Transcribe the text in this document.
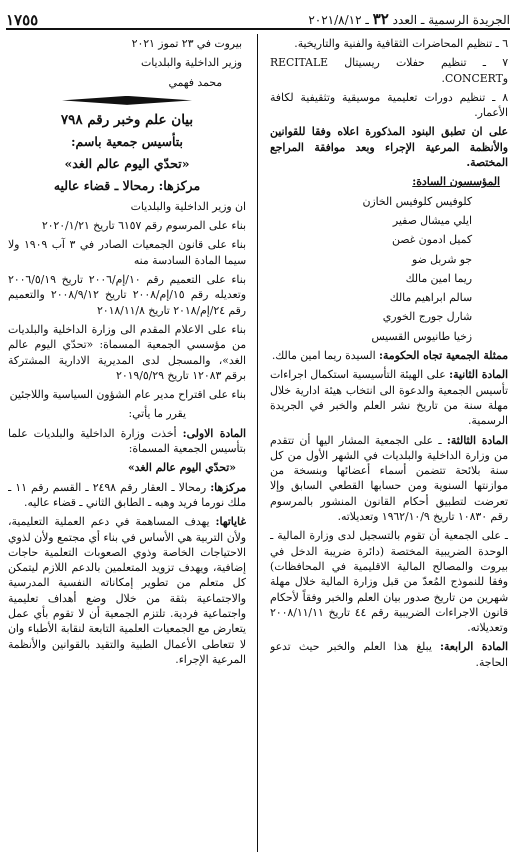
الجريدة الرسمية ـ العدد ٣٢ ـ ٢٠٢١/٨/١٢
١٧٥٥

٦ ـ تنظيم المحاضرات الثقافية والفنية والتاريخية.

٧ ـ تنظيم حفلات ريسيتال RECITALE وCONCERT.

٨ ـ تنظيم دورات تعليمية موسيقية وتثقيفية لكافة الأعمار.

على ان تطبق البنود المذكورة اعلاه وفقا للقوانين والأنظمة المرعية الإجراء وبعد موافقة المراجع المختصة.

المؤسسون السادة:

كلوفيس كلوفيس الخازن

ايلي ميشال صفير

كميل ادمون غصن

جو شربل ضو

ريما امين مالك

سالم ابراهيم مالك

شارل جورج الخوري

زخيا طانيوس القسيس

ممثلة الجمعية تجاه الحكومة: السيدة ريما امين مالك.

المادة الثانية: على الهيئة التأسيسية استكمال اجراءات تأسيس الجمعية والدعوة الى انتخاب هيئة ادارية خلال مهلة سنة من تاريخ نشر العلم والخبر في الجريدة الرسمية.

المادة الثالثة: ـ على الجمعية المشار اليها أن تتقدم من وزارة الداخلية والبلديات في الشهر الأول من كل سنة بلائحة تتضمن أسماء أعضائها وبنسخة من موازنتها السنوية ومن حسابها القطعي السابق وإلا تعرضت لتطبيق أحكام القانون المنشور بالمرسوم رقم ١٠٨٣٠ تاريخ ١٩٦٢/١٠/٩ وتعديلاته.

ـ على الجمعية أن تقوم بالتسجيل لدى وزارة المالية ـ الوحدة الضريبية المختصة (دائرة ضريبة الدخل في بيروت والمصالح المالية الاقليمية في المحافظات) وفقا للنموذج المُعدّ من قبل وزارة المالية خلال مهلة شهرين من تاريخ صدور بيان العلم والخبر وفقاً لأحكام قانون الاجراءات الضريبية رقم ٤٤ تاريخ ٢٠٠٨/١١/١١ وتعديلاته.

المادة الرابعة: يبلغ هذا العلم والخبر حيث تدعو الحاجة.

بيروت في ٢٣ تموز ٢٠٢١

وزير الداخلية والبلديات

محمد فهمي

بيان علم وخبر رقم ٧٩٨

بتأسيس جمعية باسم:

«تحدّي اليوم عالم الغد»

مركزها: رمحالا ـ قضاء عاليه

ان وزير الداخلية والبلديات

بناء على المرسوم رقم ٦١٥٧ تاريخ ٢٠٢٠/١/٢١

بناء على قانون الجمعيات الصادر في ٣ آب ١٩٠٩ ولا سيما المادة السادسة منه

بناء على التعميم رقم ١٠/إم/٢٠٠٦ تاريخ ٢٠٠٦/٥/١٩ وتعديله رقم ١٥/إم/٢٠٠٨ تاريخ ٢٠٠٨/٩/١٢ والتعميم رقم ٢٤/إم/٢٠١٨ تاريخ ٢٠١٨/١١/٨

بناء على الاعلام المقدم الى وزارة الداخلية والبلديات من مؤسسي الجمعية المسماة: «تحدّي اليوم عالم الغد»، والمسجل لدى المديرية الادارية المشتركة برقم ١٢٠٨٣ تاريخ ٢٠١٩/٥/٢٩

بناء على اقتراح مدير عام الشؤون السياسية واللاجئين

يقرر ما يأتي:

المادة الاولى: أخذت وزارة الداخلية والبلديات علما بتأسيس الجمعية المسماة:

«تحدّي اليوم عالم الغد»

مركزها: رمحالا ـ العقار رقم ٢٤٩٨ ـ القسم رقم ١١ ـ ملك نورما فريد وهبه ـ الطابق الثاني ـ قضاء عاليه.

غاياتها: يهدف المساهمة في دعم العملية التعليمية، ولأن التربية هي الأساس في بناء أي مجتمع ولأن لذوي الاحتياجات الخاصة وذوي الصعوبات التعلمية حاجات إضافية، ويهدف تزويد المتعلمين بالدعم اللازم ليتمكن كل متعلم من تطوير إمكاناته النفسية المدرسية والاجتماعية بثقة من خلال وضع أهداف تعليمية واجتماعية فردية. تلتزم الجمعية أن لا تقوم بأي عمل يتعارض مع الجمعيات العلمية التابعة لنقابة الأطباء وان لا تتعاطى الأعمال الطبية والتقيد بالقوانين والأنظمة المرعية الإجراء.
